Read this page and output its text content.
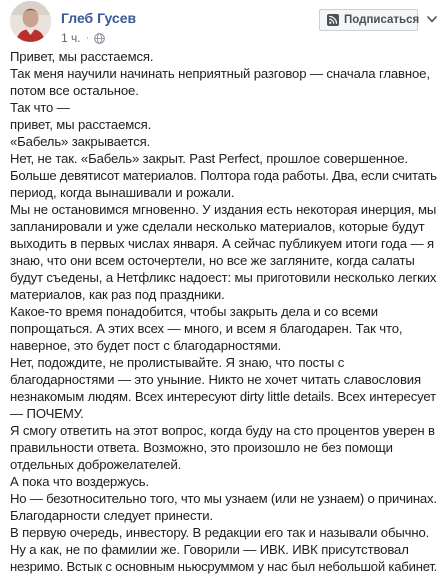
Глеб Гусев
1 ч. ·
Подписаться
Привет, мы расстаемся.
Так меня научили начинать неприятный разговор — сначала главное,
потом все остальное.
Так что —
привет, мы расстаемся.
«Бабель» закрывается.
Нет, не так. «Бабель» закрыт. Past Perfect, прошлое совершенное.
Больше девятисот материалов. Полтора года работы. Два, если считать
период, когда вынашивали и рожали.
Мы не остановимся мгновенно. У издания есть некоторая инерция, мы
запланировали и уже сделали несколько материалов, которые будут
выходить в первых числах января. А сейчас публикуем итоги года — я
знаю, что они всем осточертели, но все же загляните, когда салаты
будут съедены, а Нетфликс надоест: мы приготовили несколько легких
материалов, как раз под праздники.
Какое-то время понадобится, чтобы закрыть дела и со всеми
попрощаться. А этих всех — много, и всем я благодарен. Так что,
наверное, это будет пост с благодарностями.
Нет, подождите, не пролистывайте. Я знаю, что посты с
благодарностями — это уныние. Никто не хочет читать славословия
незнакомым людям. Всех интересуют dirty little details. Всех интересует
— ПОЧЕМУ.
Я смогу ответить на этот вопрос, когда буду на сто процентов уверен в
правильности ответа. Возможно, это произошло не без помощи
отдельных доброжелателей.
А пока что воздержусь.
Но — безотносительно того, что мы узнаем (или не узнаем) о причинах.
Благодарности следует принести.
В первую очередь, инвестору. В редакции его так и называли обычно.
Ну а как, не по фамилии же. Говорили — ИВК. ИВК присутствовал
незримо. Встык с основным ньюсруммом у нас был небольшой кабинет.
